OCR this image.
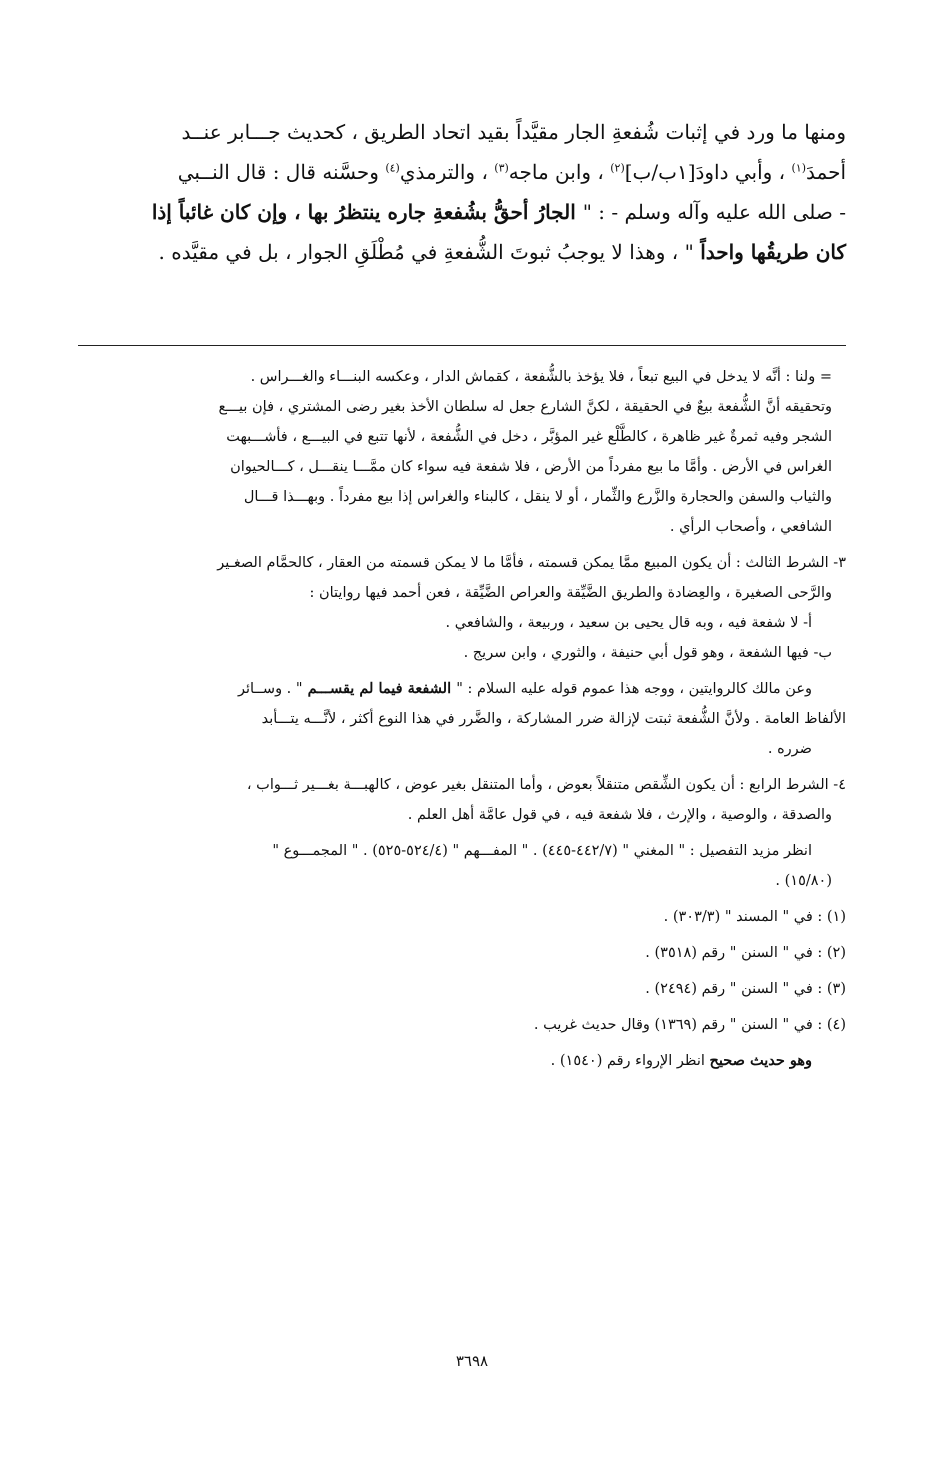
ومنها ما ورد في إثبات شُفعةِ الجار مقيَّداً بقيد اتحاد الطريق ، كحديث جـــابر عنــد

أحمدَ$^{(١)}$ ، وأبي داودَ[١ب/ب]$^{(٢)}$ ، وابن ماجه$^{(٣)}$ ، والترمذي$^{(٤)}$ وحسَّنه قال : قال النــبي

- صلى الله عليه وآله وسلم - : " الجارُ أحقُّ بشُفعةِ جاره ينتظرُ بها ، وإن كان غائباً إذا

كان طريقُها واحداً " ، وهذا لا يوجبُ ثبوتَ الشُّفعةِ في مُطْلَقِ الجوار ، بل في مقيَّده .

= ولنا : أنَّه لا يدخل في البيع تبعاً ، فلا يؤخذ بالشُّفعة ، كقماش الدار ، وعكسه البنـــاء والغـــراس .

وتحقيقه أنَّ الشُّفعة بيعٌ في الحقيقة ، لكنَّ الشارع جعل له سلطان الأخذ بغير رضى المشتري ، فإن بيـــع

الشجر وفيه ثمرةٌ غير ظاهرة ، كالطَّلْع غير المؤبَّر ، دخل في الشُّفعة ، لأنها تتبع في البيـــع ، فأشـــبهت

الغراس في الأرض . وأمَّا ما بيع مفرداً من الأرض ، فلا شفعة فيه سواء كان ممَّـــا ينقـــل ، كـــالحيوان

والثياب والسفن والحجارة والزَّرع والثِّمار ، أو لا ينقل ، كالبناء والغراس إذا بيع مفرداً . وبهـــذا قـــال

الشافعي ، وأصحاب الرأي .

٣- الشرط الثالث : أن يكون المبيع ممَّا يمكن قسمته ، فأمَّا ما لا يمكن قسمته من العقار ، كالحمَّام الصغـير

والرَّحى الصغيرة ، والعِضادة والطريق الضَّيِّقة والعراص الضَّيِّقة ، فعن أحمد فيها روايتان :

أ- لا شفعة فيه ، وبه قال يحيى بن سعيد ، وربيعة ، والشافعي .

ب- فيها الشفعة ، وهو قول أبي حنيفة ، والثوري ، وابن سريج .

وعن مالك كالروايتين ، ووجه هذا عموم قوله عليه السلام : " الشفعة فيما لم يقســـم " . وســائر

الألفاظ العامة . ولأنَّ الشُّفعة ثبتت لإزالة ضرر المشاركة ، والضَّرر في هذا النوع أكثر ، لأنَّـــه يتـــأبد

ضرره .

٤- الشرط الرابع : أن يكون الشِّقص متنقلاً بعوض ، وأما المتنقل بغير عوض ، كالهبـــة بغـــير ثـــواب ،

والصدقة ، والوصية ، والإرث ، فلا شفعة فيه ، في قول عامَّة أهل العلم .

انظر مزيد التفصيل : " المغني " (٤٤٢/٧-٤٤٥) . " المفـــهم " (٥٢٤/٤-٥٢٥) . " المجمـــوع "

(١٥/٨٠) .

(١) : في " المسند " (٣٠٣/٣) .

(٢) : في " السنن " رقم (٣٥١٨) .

(٣) : في " السنن " رقم (٢٤٩٤) .

(٤) : في " السنن " رقم (١٣٦٩) وقال حديث غريب .

وهو حديث صحيح انظر الإرواء رقم (١٥٤٠) .

٣٦٩٨
